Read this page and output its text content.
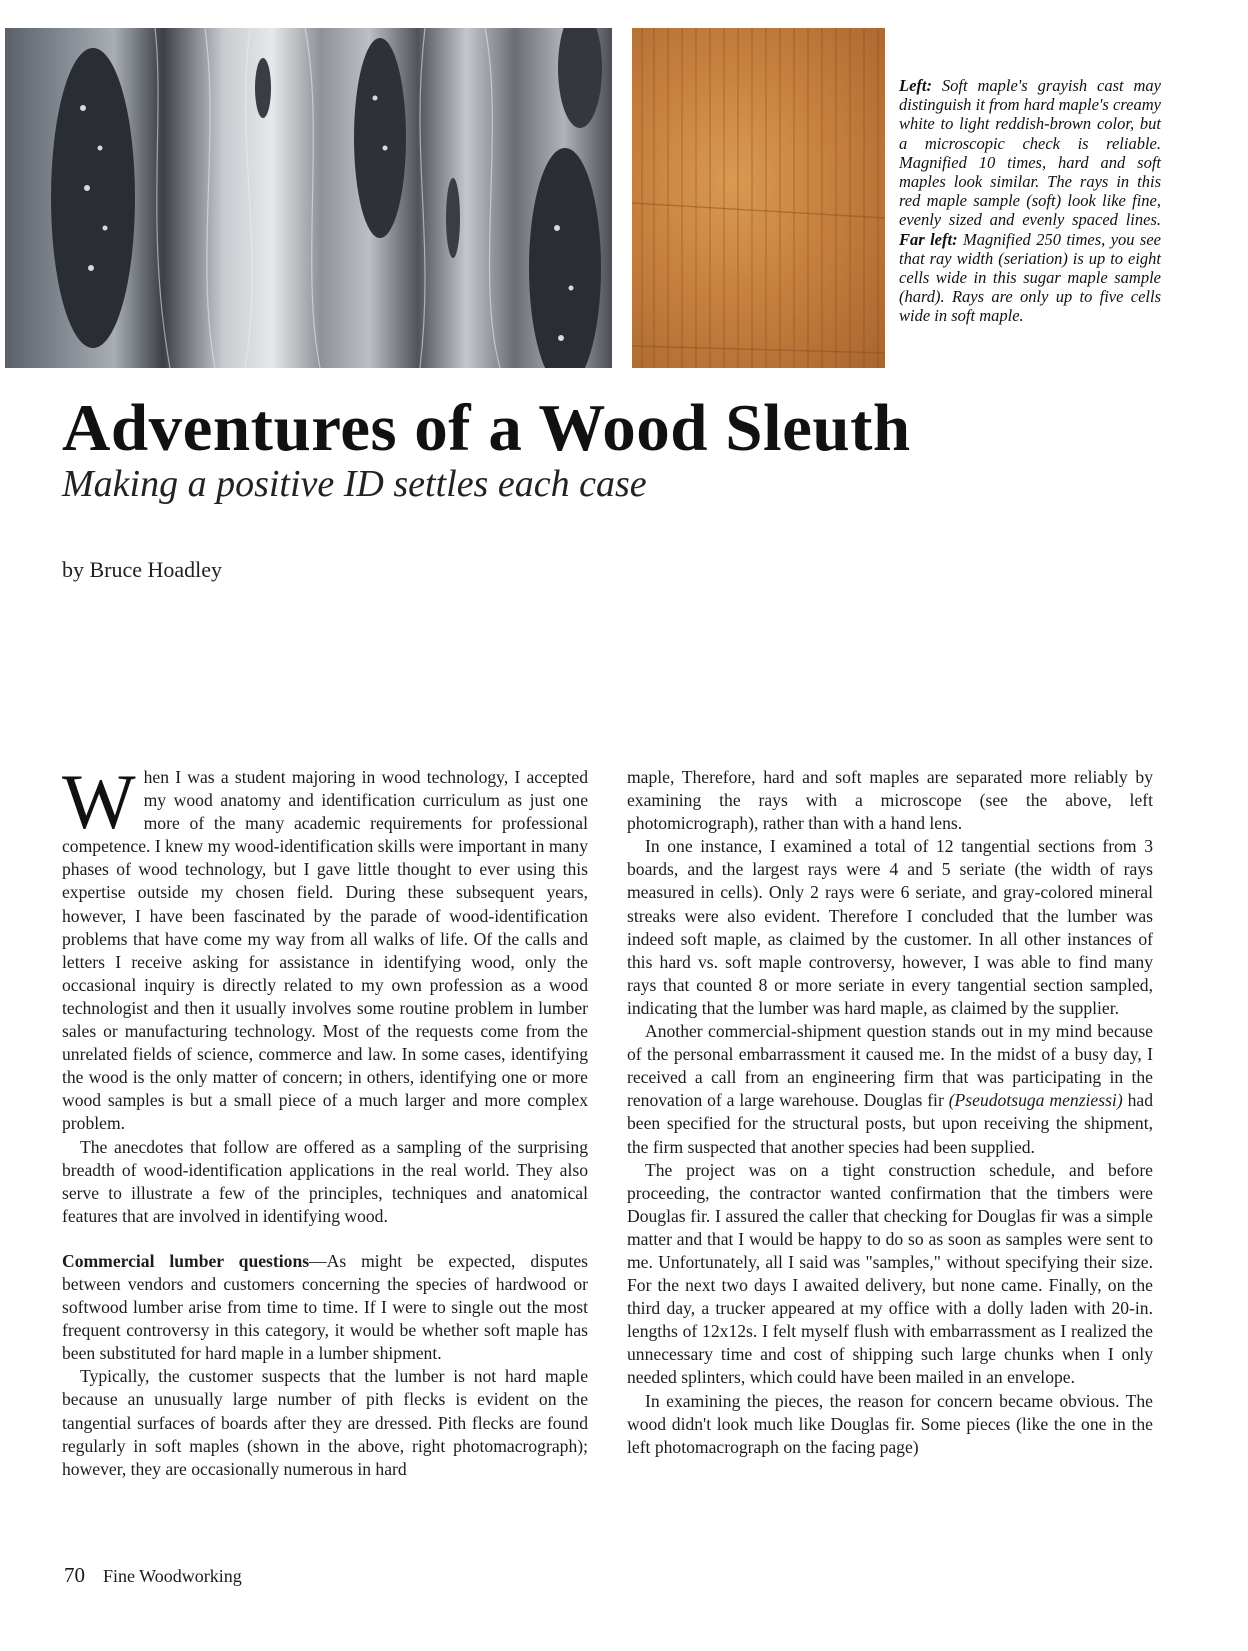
Left: Soft maple's grayish cast may distinguish it from hard maple's creamy white to light reddish-brown color, but a microscopic check is reliable. Magnified 10 times, hard and soft maples look similar. The rays in this red maple sample (soft) look like fine, evenly sized and evenly spaced lines. Far left: Magnified 250 times, you see that ray width (seriation) is up to eight cells wide in this sugar maple sample (hard). Rays are only up to five cells wide in soft maple.
Adventures of a Wood Sleuth
Making a positive ID settles each case
by Bruce Hoadley

When I was a student majoring in wood technology, I accepted my wood anatomy and identification curriculum as just one more of the many academic requirements for professional competence. I knew my wood-identification skills were important in many phases of wood technology, but I gave little thought to ever using this expertise outside my chosen field. During these subsequent years, however, I have been fascinated by the parade of wood-identification problems that have come my way from all walks of life. Of the calls and letters I receive asking for assistance in identifying wood, only the occasional inquiry is directly related to my own profession as a wood technologist and then it usually involves some routine problem in lumber sales or manufacturing technology. Most of the requests come from the unrelated fields of science, commerce and law. In some cases, identifying the wood is the only matter of concern; in others, identifying one or more wood samples is but a small piece of a much larger and more complex problem.

The anecdotes that follow are offered as a sampling of the surprising breadth of wood-identification applications in the real world. They also serve to illustrate a few of the principles, techniques and anatomical features that are involved in identifying wood.

Commercial lumber questions—As might be expected, disputes between vendors and customers concerning the species of hardwood or softwood lumber arise from time to time. If I were to single out the most frequent controversy in this category, it would be whether soft maple has been substituted for hard maple in a lumber shipment.

Typically, the customer suspects that the lumber is not hard maple because an unusually large number of pith flecks is evident on the tangential surfaces of boards after they are dressed. Pith flecks are found regularly in soft maples (shown in the above, right photomacrograph); however, they are occasionally numerous in hard

maple, Therefore, hard and soft maples are separated more reliably by examining the rays with a microscope (see the above, left photomicrograph), rather than with a hand lens.

In one instance, I examined a total of 12 tangential sections from 3 boards, and the largest rays were 4 and 5 seriate (the width of rays measured in cells). Only 2 rays were 6 seriate, and gray-colored mineral streaks were also evident. Therefore I concluded that the lumber was indeed soft maple, as claimed by the customer. In all other instances of this hard vs. soft maple controversy, however, I was able to find many rays that counted 8 or more seriate in every tangential section sampled, indicating that the lumber was hard maple, as claimed by the supplier.

Another commercial-shipment question stands out in my mind because of the personal embarrassment it caused me. In the midst of a busy day, I received a call from an engineering firm that was participating in the renovation of a large warehouse. Douglas fir (Pseudotsuga menziessi) had been specified for the structural posts, but upon receiving the shipment, the firm suspected that another species had been supplied.

The project was on a tight construction schedule, and before proceeding, the contractor wanted confirmation that the timbers were Douglas fir. I assured the caller that checking for Douglas fir was a simple matter and that I would be happy to do so as soon as samples were sent to me. Unfortunately, all I said was "samples," without specifying their size. For the next two days I awaited delivery, but none came. Finally, on the third day, a trucker appeared at my office with a dolly laden with 20-in. lengths of 12x12s. I felt myself flush with embarrassment as I realized the unnecessary time and cost of shipping such large chunks when I only needed splinters, which could have been mailed in an envelope.

In examining the pieces, the reason for concern became obvious. The wood didn't look much like Douglas fir. Some pieces (like the one in the left photomacrograph on the facing page)

70 Fine Woodworking
